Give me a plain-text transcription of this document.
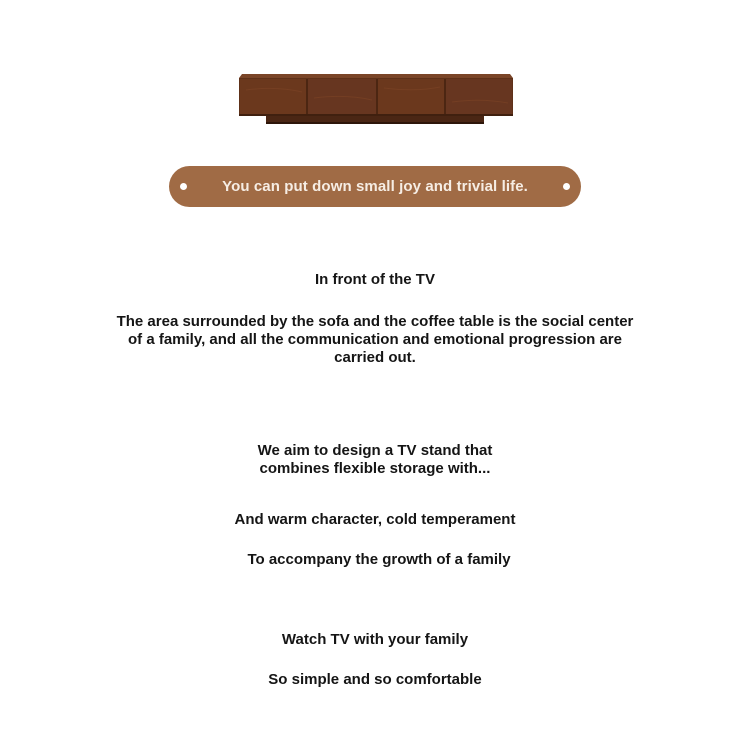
You can put down small joy and trivial life.
In front of the TV
The area surrounded by the sofa and the coffee table is the social center of a family, and all the communication and emotional progression are carried out.
We aim to design a TV stand that combines flexible storage with...
And warm character, cold temperament
To accompany the growth of a family
Watch TV with your family
So simple and so comfortable
